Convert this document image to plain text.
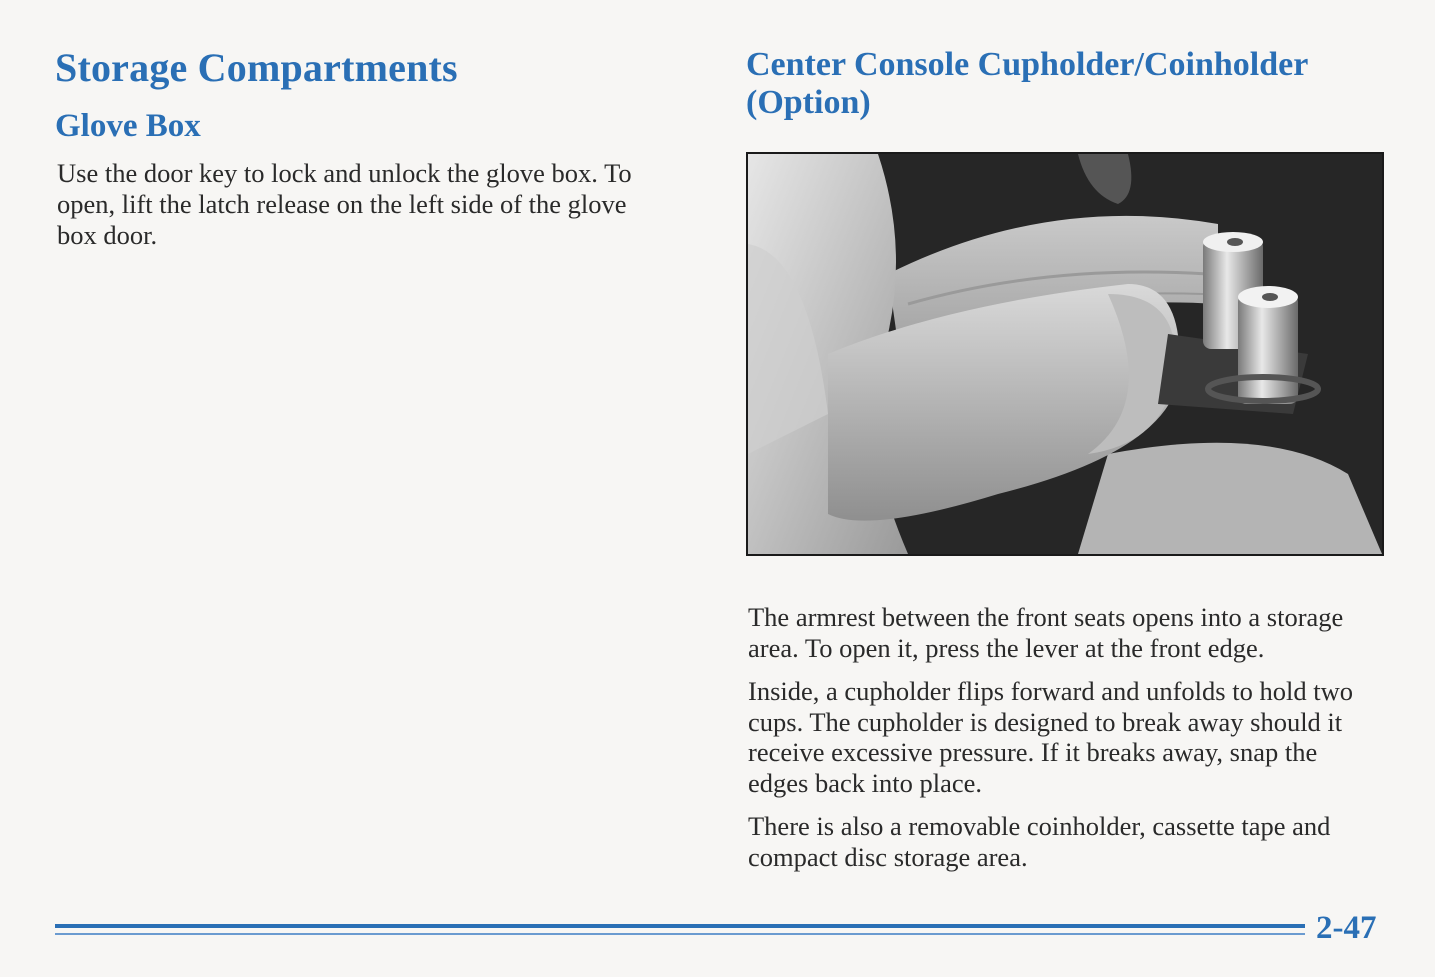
Storage Compartments
Glove Box
Use the door key to lock and unlock the glove box. To open, lift the latch release on the left side of the glove box door.
Center Console Cupholder/Coinholder (Option)

The armrest between the front seats opens into a storage area. To open it, press the lever at the front edge.

Inside, a cupholder flips forward and unfolds to hold two cups. The cupholder is designed to break away should it receive excessive pressure. If it breaks away, snap the edges back into place.

There is also a removable coinholder, cassette tape and compact disc storage area.

2-47
